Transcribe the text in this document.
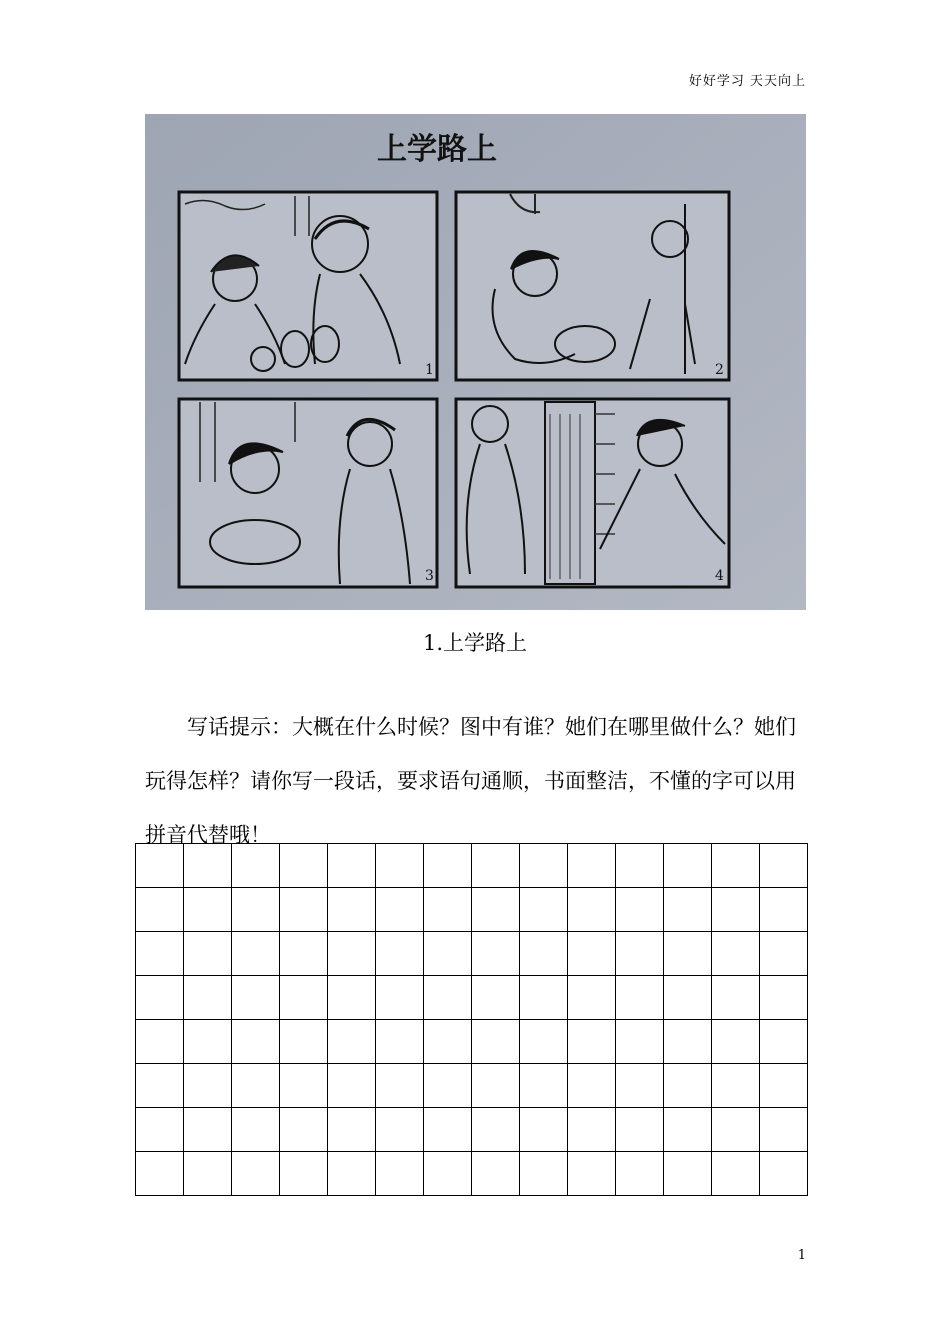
好好学习 天天向上
上学路上
1	2
3	4
1.上学路上
写话提示：大概在什么时候？图中有谁？她们在哪里做什么？她们玩得怎样？请你写一段话，要求语句通顺，书面整洁，不懂的字可以用拼音代替哦！

1
